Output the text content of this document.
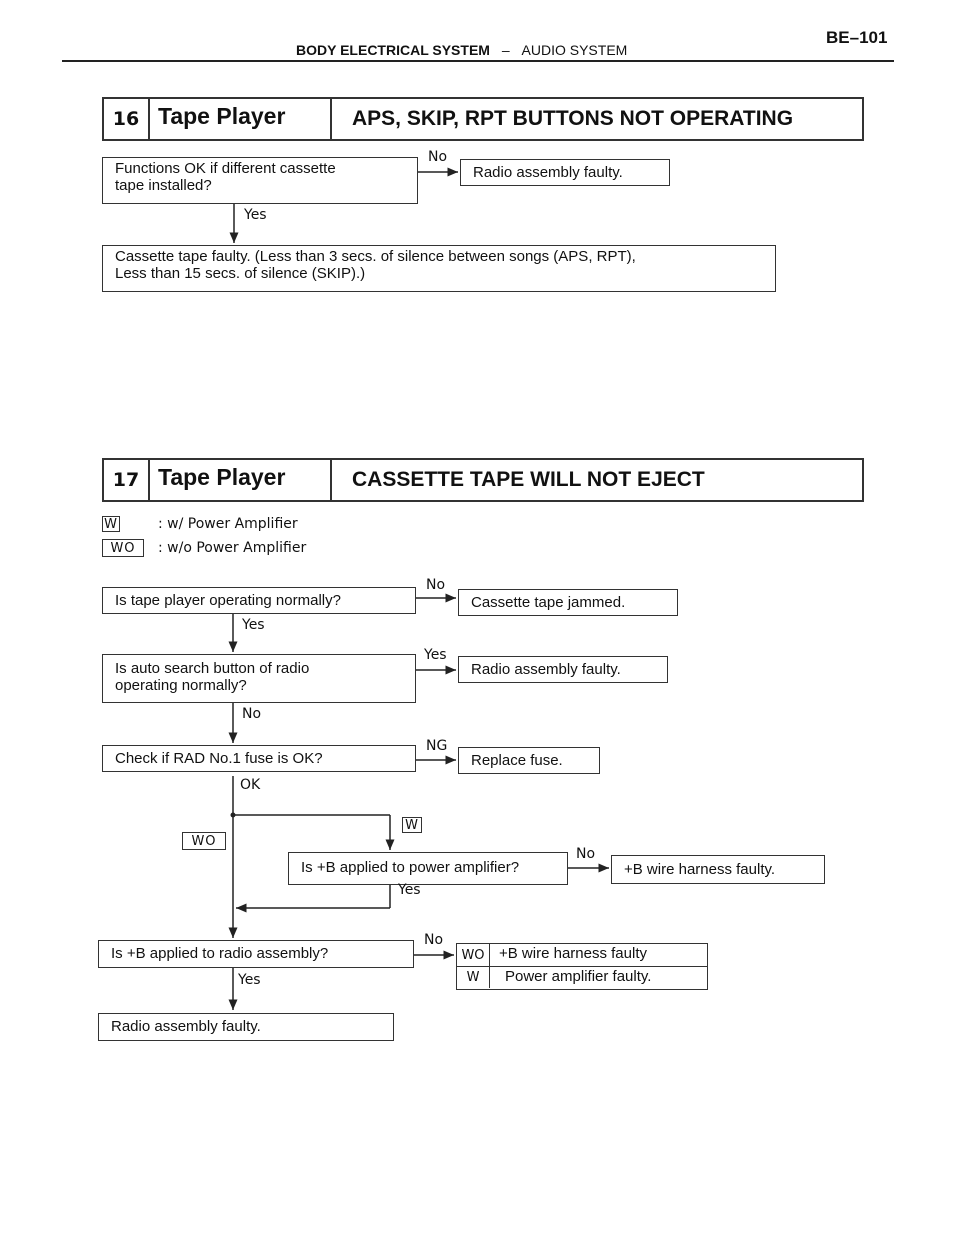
BODY ELECTRICAL SYSTEM – AUDIO SYSTEM
BE–101
16 Tape Player	APS, SKIP, RPT BUTTONS NOT OPERATING
Functions OK if different cassette
tape installed?
No
Radio assembly faulty.
Yes
Cassette tape faulty. (Less than 3 secs. of silence between songs (APS, RPT),
Less than 15 secs. of silence (SKIP).)
17 Tape Player	CASSETTE TAPE WILL NOT EJECT
W	: w/ Power Amplifier
WO	: w/o Power Amplifier
Is tape player operating normally?
No
Cassette tape jammed.
Yes
Is auto search button of radio
operating normally?
Yes
Radio assembly faulty.
No
Check if RAD No.1 fuse is OK?
NG
Replace fuse.
OK
WO
W
Is +B applied to power amplifier?
No
+B wire harness faulty.
Yes
Is +B applied to radio assembly?
No
WO +B wire harness faulty
W	Power amplifier faulty.
Yes
Radio assembly faulty.
